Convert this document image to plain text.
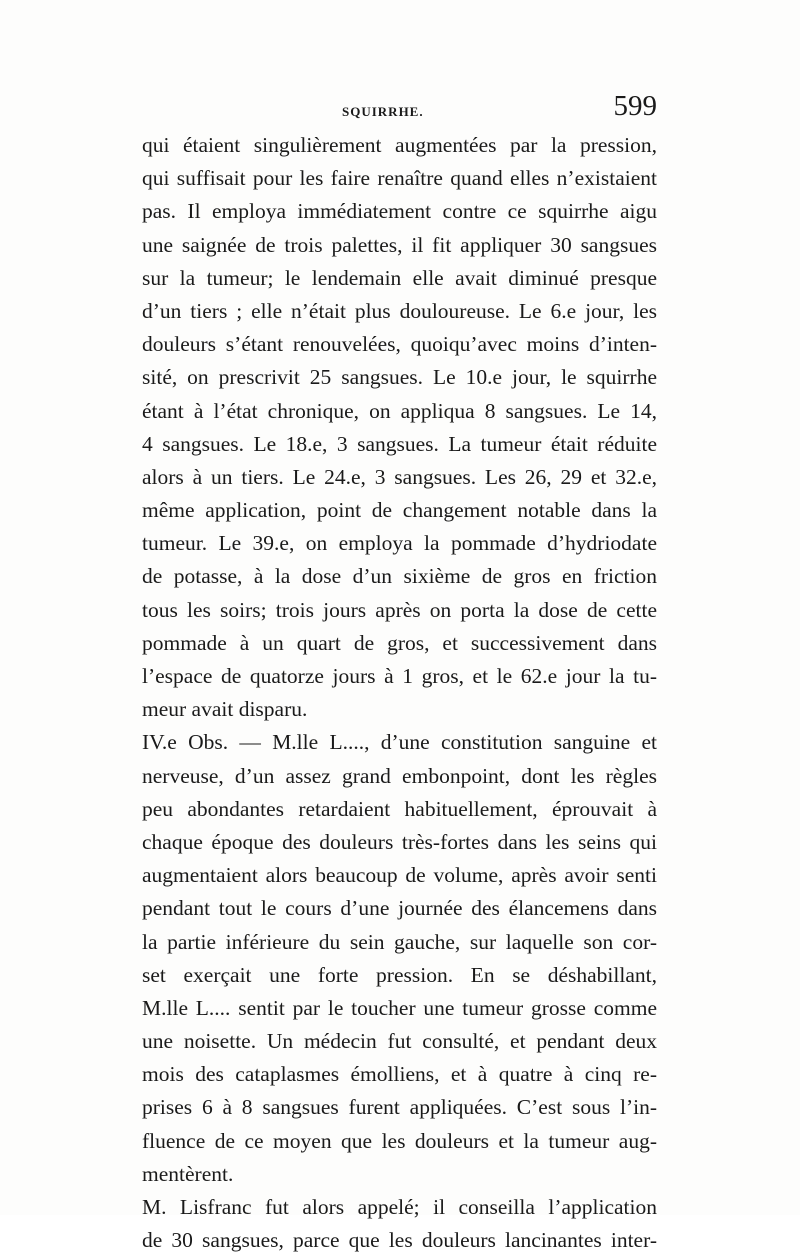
SQUIRRHE.	599
qui étaient singulièrement augmentées par la pression,
qui suffisait pour les faire renaître quand elles n’existaient
pas. Il employa immédiatement contre ce squirrhe aigu
une saignée de trois palettes, il fit appliquer 30 sangsues
sur la tumeur; le lendemain elle avait diminué presque
d’un tiers ; elle n’était plus douloureuse. Le 6.e jour, les
douleurs s’étant renouvelées, quoiqu’avec moins d’inten-
sité, on prescrivit 25 sangsues. Le 10.e jour, le squirrhe
étant à l’état chronique, on appliqua 8 sangsues. Le 14,
4 sangsues. Le 18.e, 3 sangsues. La tumeur était réduite
alors à un tiers. Le 24.e, 3 sangsues. Les 26, 29 et 32.e,
même application, point de changement notable dans la
tumeur. Le 39.e, on employa la pommade d’hydriodate
de potasse, à la dose d’un sixième de gros en friction
tous les soirs; trois jours après on porta la dose de cette
pommade à un quart de gros, et successivement dans
l’espace de quatorze jours à 1 gros, et le 62.e jour la tu-
meur avait disparu.
IV.e Obs. — M.lle L...., d’une constitution sanguine et
nerveuse, d’un assez grand embonpoint, dont les règles
peu abondantes retardaient habituellement, éprouvait à
chaque époque des douleurs très-fortes dans les seins qui
augmentaient alors beaucoup de volume, après avoir senti
pendant tout le cours d’une journée des élancemens dans
la partie inférieure du sein gauche, sur laquelle son cor-
set exerçait une forte pression. En se déshabillant,
M.lle L.... sentit par le toucher une tumeur grosse comme
une noisette. Un médecin fut consulté, et pendant deux
mois des cataplasmes émolliens, et à quatre à cinq re-
prises 6 à 8 sangsues furent appliquées. C’est sous l’in-
fluence de ce moyen que les douleurs et la tumeur aug-
mentèrent.
M. Lisfranc fut alors appelé; il conseilla l’application
de 30 sangsues, parce que les douleurs lancinantes inter-
